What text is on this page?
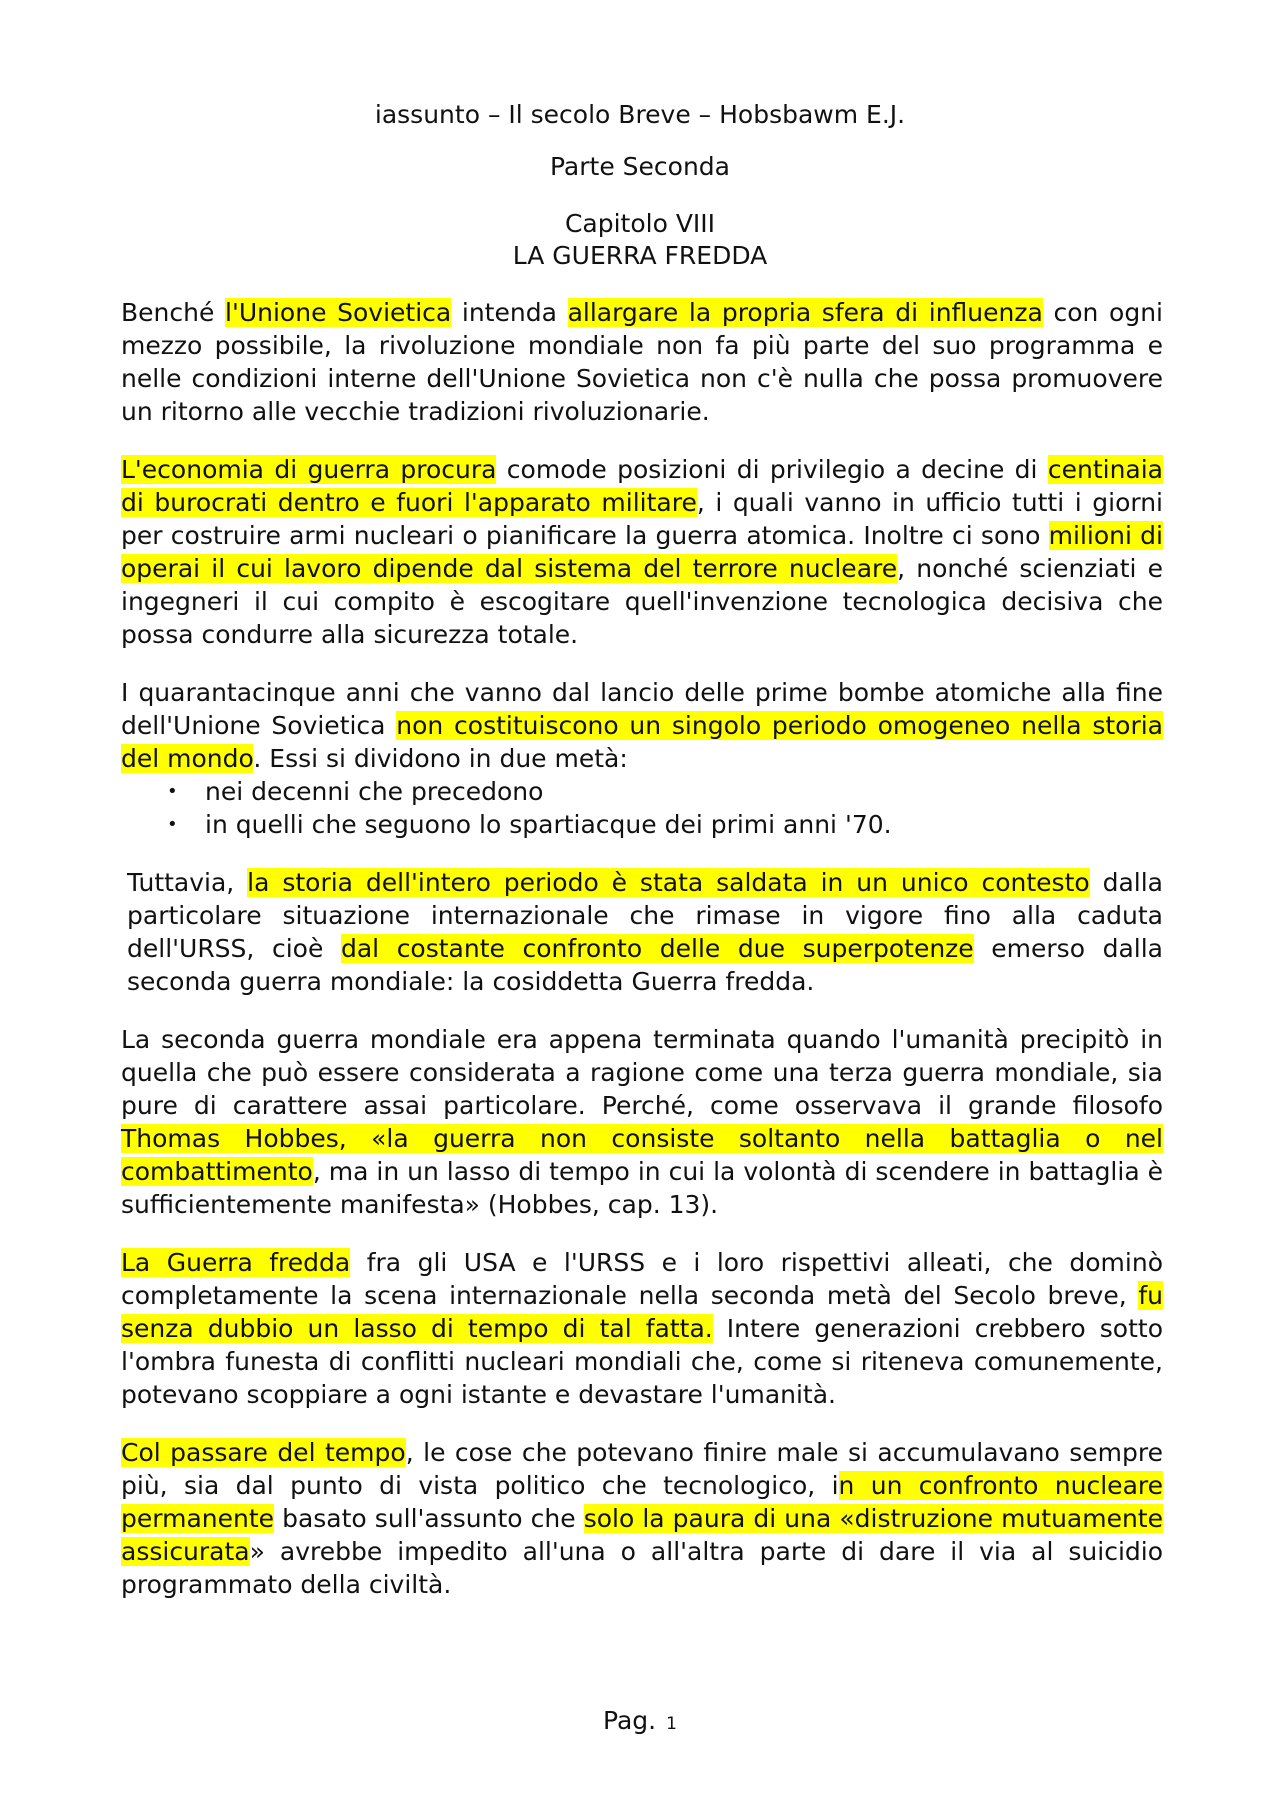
iassunto – Il secolo Breve – Hobsbawm E.J.
Parte Seconda
Capitolo VIII
LA GUERRA FREDDA

Benché l'Unione Sovietica intenda allargare la propria sfera di influenza con ogni mezzo possibile, la rivoluzione mondiale non fa più parte del suo programma e nelle condizioni interne dell'Unione Sovietica non c'è nulla che possa promuovere un ritorno alle vecchie tradizioni rivoluzionarie.

L'economia di guerra procura comode posizioni di privilegio a decine di centinaia di burocrati dentro e fuori l'apparato militare, i quali vanno in ufficio tutti i giorni per costruire armi nucleari o pianificare la guerra atomica. Inoltre ci sono milioni di operai il cui lavoro dipende dal sistema del terrore nucleare, nonché scienziati e ingegneri il cui compito è escogitare quell'invenzione tecnologica decisiva che possa condurre alla sicurezza totale.

I quarantacinque anni che vanno dal lancio delle prime bombe atomiche alla fine dell'Unione Sovietica non costituiscono un singolo periodo omogeneo nella storia del mondo. Essi si dividono in due metà:

• nei decenni che precedono
• in quelli che seguono lo spartiacque dei primi anni '70.

Tuttavia, la storia dell'intero periodo è stata saldata in un unico contesto dalla particolare situazione internazionale che rimase in vigore fino alla caduta dell'URSS, cioè dal costante confronto delle due superpotenze emerso dalla seconda guerra mondiale: la cosiddetta Guerra fredda.

La seconda guerra mondiale era appena terminata quando l'umanità precipitò in quella che può essere considerata a ragione come una terza guerra mondiale, sia pure di carattere assai particolare. Perché, come osservava il grande filosofo Thomas Hobbes, «la guerra non consiste soltanto nella battaglia o nel combattimento, ma in un lasso di tempo in cui la volontà di scendere in battaglia è sufficientemente manifesta» (Hobbes, cap. 13).

La Guerra fredda fra gli USA e l'URSS e i loro rispettivi alleati, che dominò completamente la scena internazionale nella seconda metà del Secolo breve, fu senza dubbio un lasso di tempo di tal fatta. Intere generazioni crebbero sotto l'ombra funesta di conflitti nucleari mondiali che, come si riteneva comunemente, potevano scoppiare a ogni istante e devastare l'umanità.

Col passare del tempo, le cose che potevano finire male si accumulavano sempre più, sia dal punto di vista politico che tecnologico, in un confronto nucleare permanente basato sull'assunto che solo la paura di una «distruzione mutuamente assicurata» avrebbe impedito all'una o all'altra parte di dare il via al suicidio programmato della civiltà.

Pag. 1
